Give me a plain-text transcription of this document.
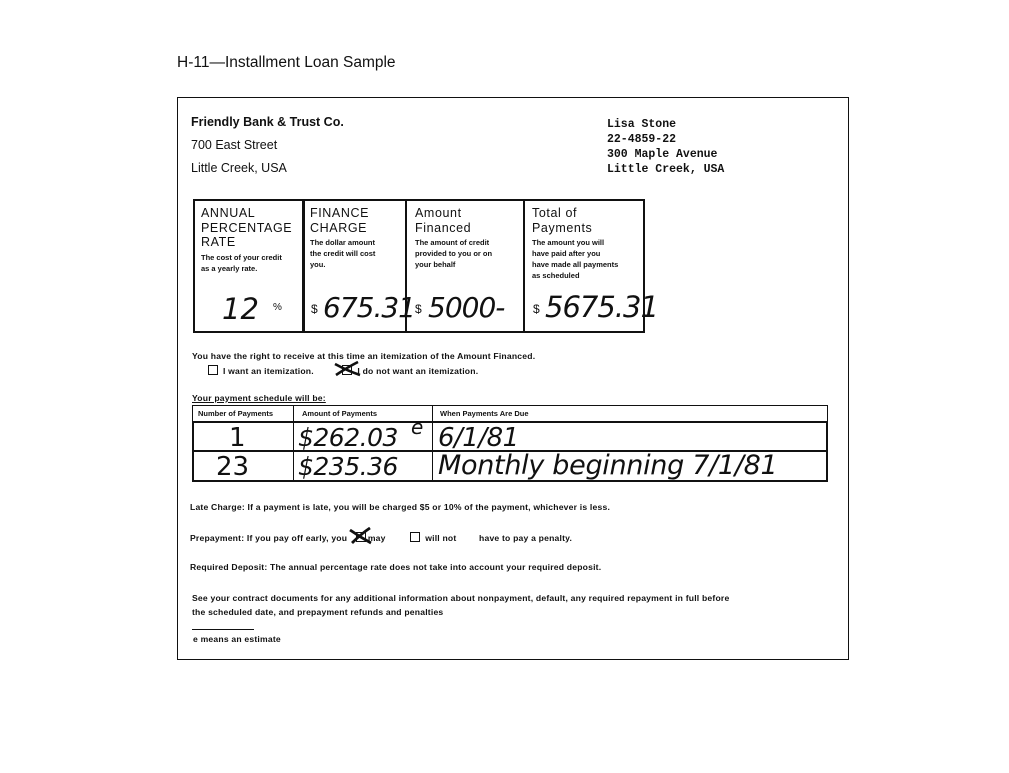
H-11—Installment Loan Sample
Friendly Bank & Trust Co.
700 East Street
Little Creek, USA
Lisa Stone
22-4859-22
300 Maple Avenue
Little Creek, USA
ANNUAL
PERCENTAGE
RATE
The cost of your credit
as a yearly rate.
12 %
FINANCE
CHARGE
The dollar amount
the credit will cost
you.
$ 675.31
Amount
Financed
The amount of credit
provided to you or on
your behalf
$ 5000-
Total of
Payments
The amount you will
have paid after you
have made all payments
as scheduled
$ 5675.31
You have the right to receive at this time an itemization of the Amount Financed.
I want an itemization.	I do not want an itemization.
Your payment schedule will be:
Number of Payments	Amount of Payments	When Payments Are Due
1 $262.03 e 6/1/81
23 $235.36 Monthly beginning 7/1/81
Late Charge: If a payment is late, you will be charged $5 or 10% of the payment, whichever is less.
Prepayment: If you pay off early, you may	will not	have to pay a penalty.
Required Deposit: The annual percentage rate does not take into account your required deposit.
See your contract documents for any additional information about nonpayment, default, any required repayment in full before
the scheduled date, and prepayment refunds and penalties
e means an estimate
